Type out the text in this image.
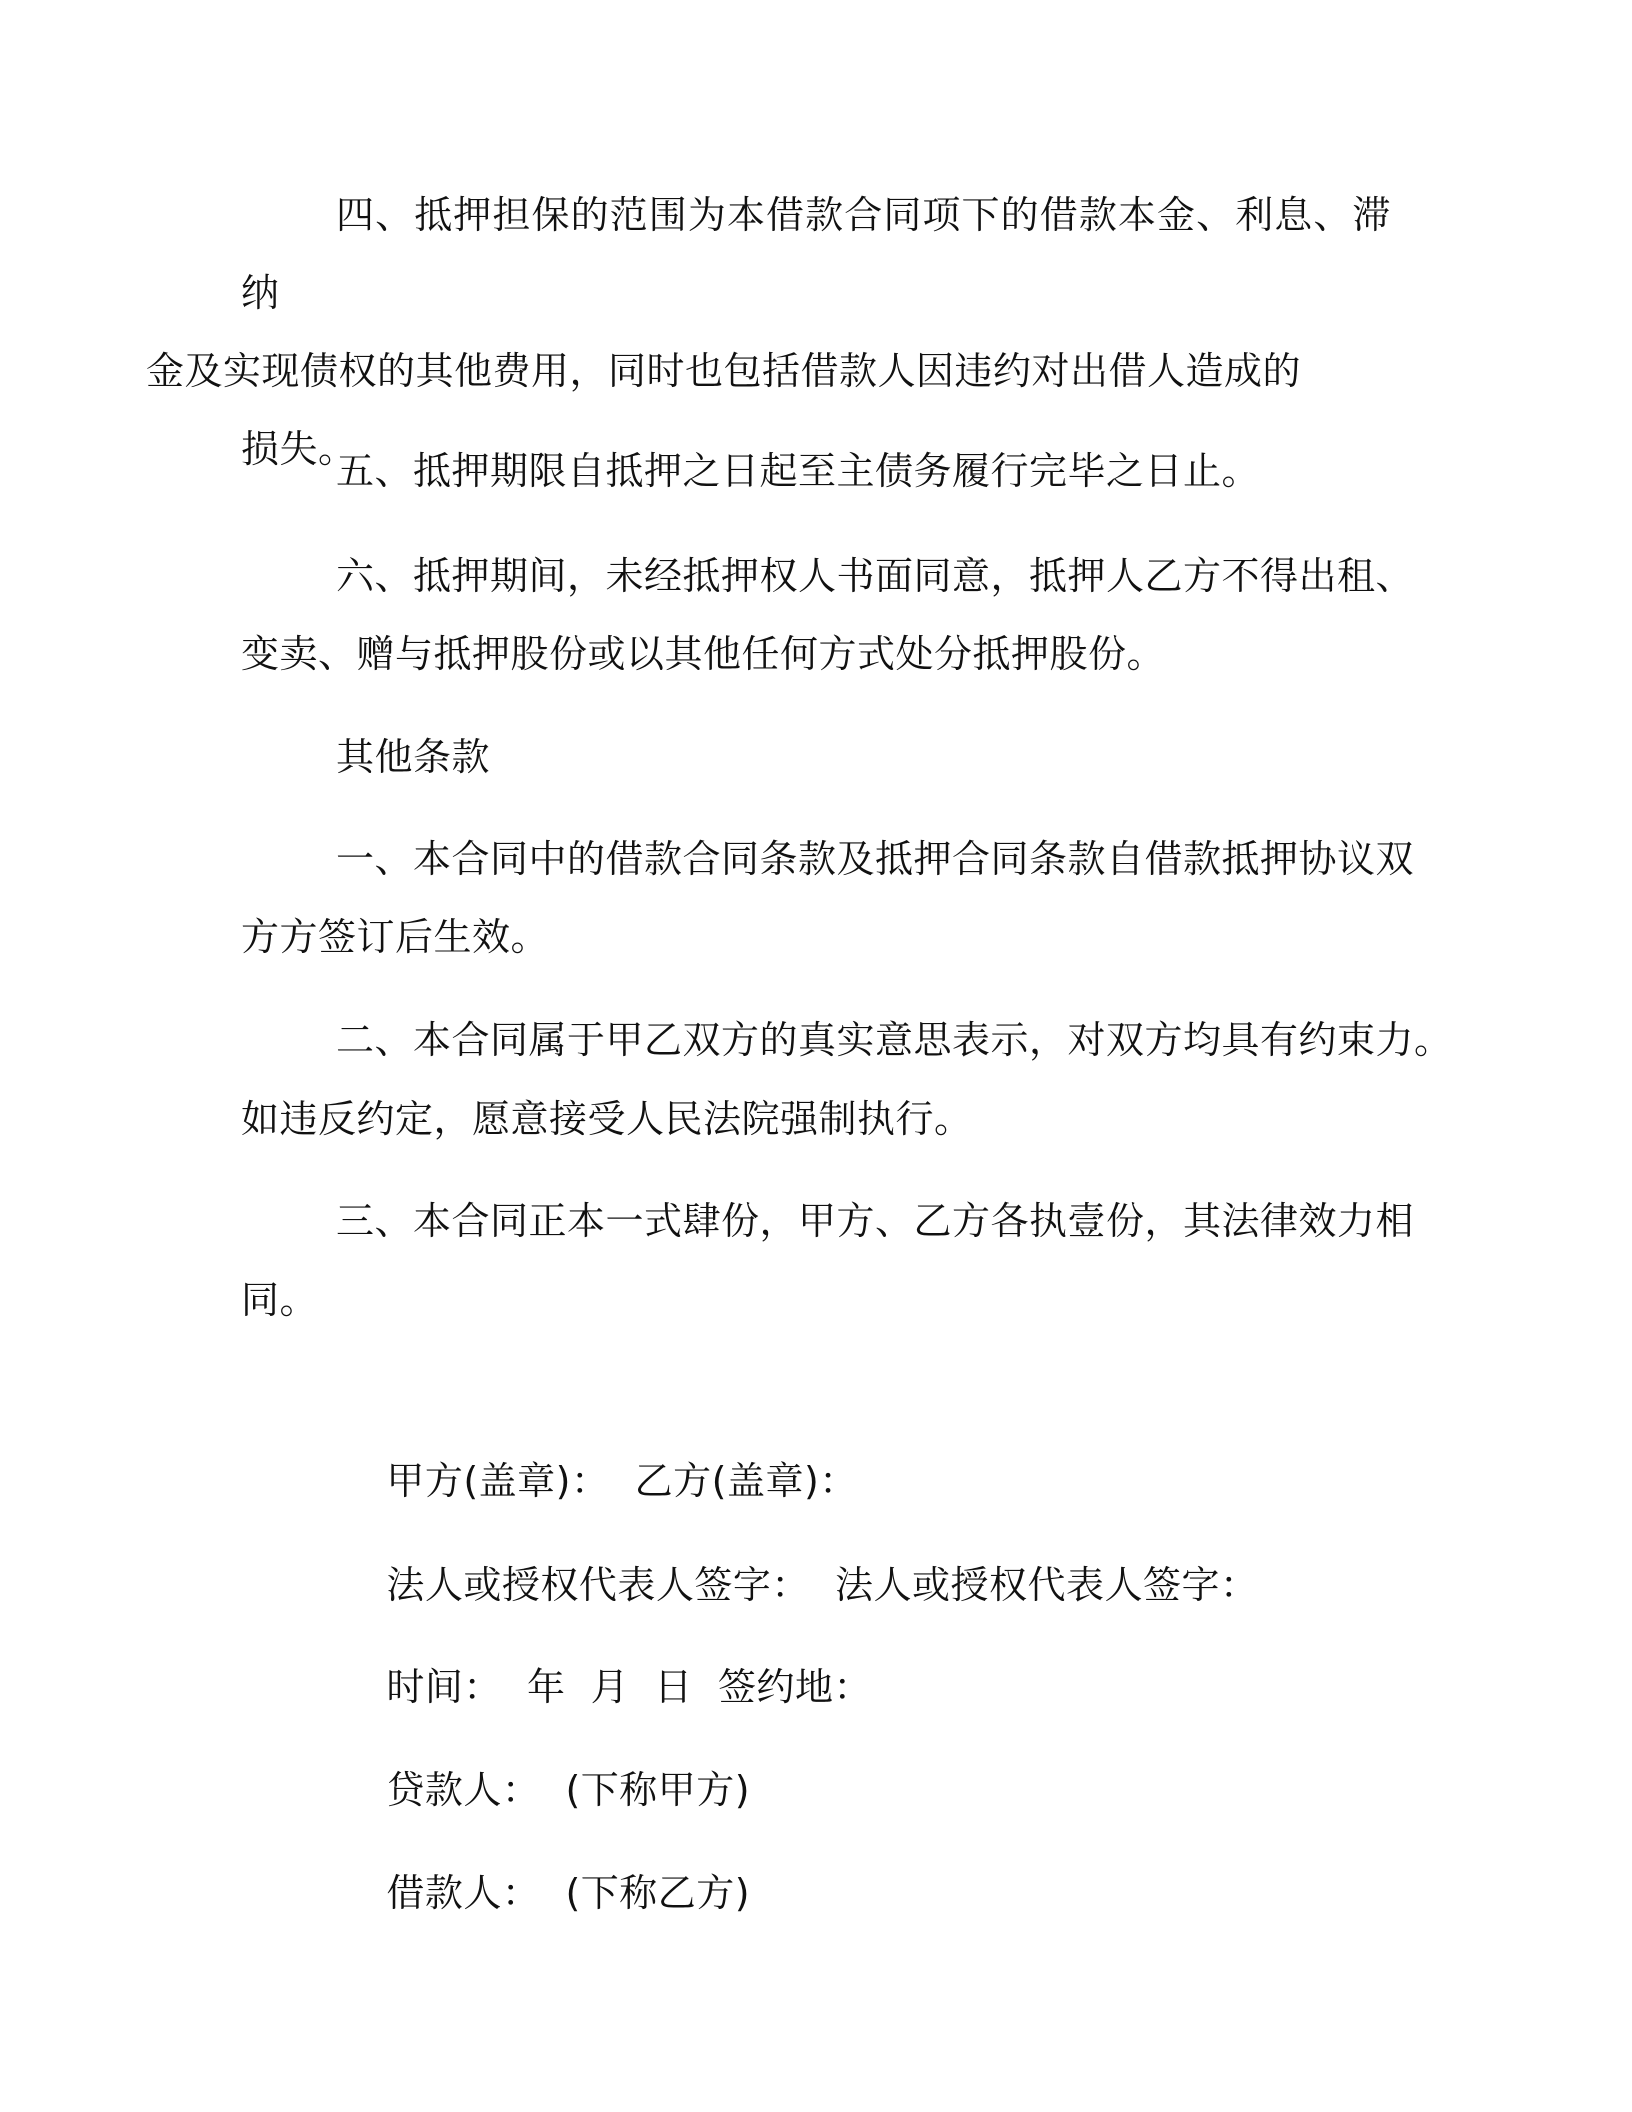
四、抵押担保的范围为本借款合同项下的借款本金、利息、滞纳
金及实现债权的其他费用，同时也包括借款人因违约对出借人造成的
损失。

五、抵押期限自抵押之日起至主债务履行完毕之日止。

六、抵押期间，未经抵押权人书面同意，抵押人乙方不得出租、

变卖、赠与抵押股份或以其他任何方式处分抵押股份。

其他条款

一、本合同中的借款合同条款及抵押合同条款自借款抵押协议双

方方签订后生效。

二、本合同属于甲乙双方的真实意思表示，对双方均具有约束力。

如违反约定，愿意接受人民法院强制执行。

三、本合同正本一式肆份，甲方、乙方各执壹份，其法律效力相

同。

甲方(盖章)：  乙方(盖章)：

法人或授权代表人签字：  法人或授权代表人签字：

时间：  年  月  日  签约地：

贷款人：  (下称甲方)

借款人：  (下称乙方)
